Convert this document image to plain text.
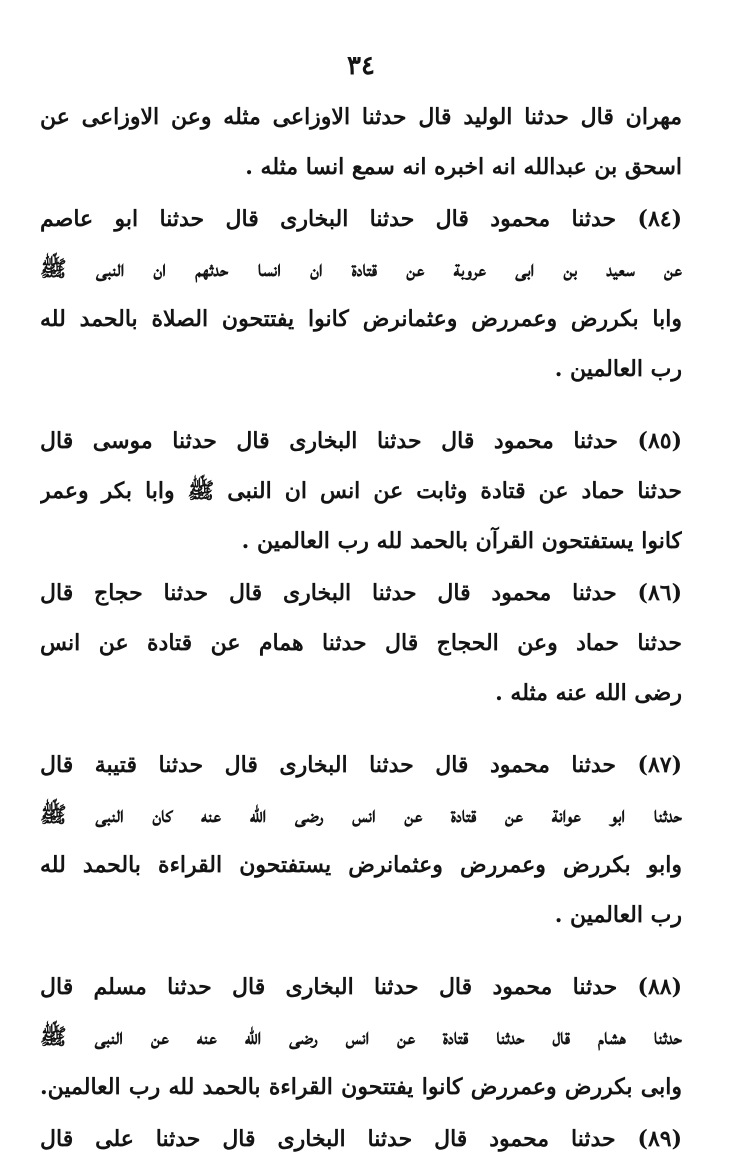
٣٤
مهران قال حدثنا الوليد قال حدثنا الاوزاعى مثله وعن الاوزاعى عن
اسحق بن عبدالله انه اخبره انه سمع انسا مثله .
(٨٤) حدثنا محمود قال حدثنا البخارى قال حدثنا ابو عاصم
عن سعيد بن ابى عروبة عن قتادة ان انسا حدثهم ان النبى ﷺ
وابا بكررض وعمررض وعثمانرض كانوا يفتتحون الصلاة بالحمد لله
رب العالمين .
(٨٥) حدثنا محمود قال حدثنا البخارى قال حدثنا موسى قال
حدثنا حماد عن قتادة وثابت عن انس ان النبى ﷺ وابا بكر وعمر
كانوا يستفتحون القرآن بالحمد لله رب العالمين .
(٨٦) حدثنا محمود قال حدثنا البخارى قال حدثنا حجاج قال
حدثنا حماد وعن الحجاج قال حدثنا همام عن قتادة عن انس
رضى الله عنه مثله .
(٨٧) حدثنا محمود قال حدثنا البخارى قال حدثنا قتيبة قال
حدثنا ابو عوانة عن قتادة عن انس رضى الله عنه كان النبى ﷺ
وابو بكررض وعمررض وعثمانرض يستفتحون القراءة بالحمد لله
رب العالمين .
(٨٨) حدثنا محمود قال حدثنا البخارى قال حدثنا مسلم قال
حدثنا هشام قال حدثنا قتادة عن انس رضى الله عنه عن النبى ﷺ
وابى بكررض وعمررض كانوا يفتتحون القراءة بالحمد لله رب العالمين.
(٨٩) حدثنا محمود قال حدثنا البخارى قال حدثنا على قال
